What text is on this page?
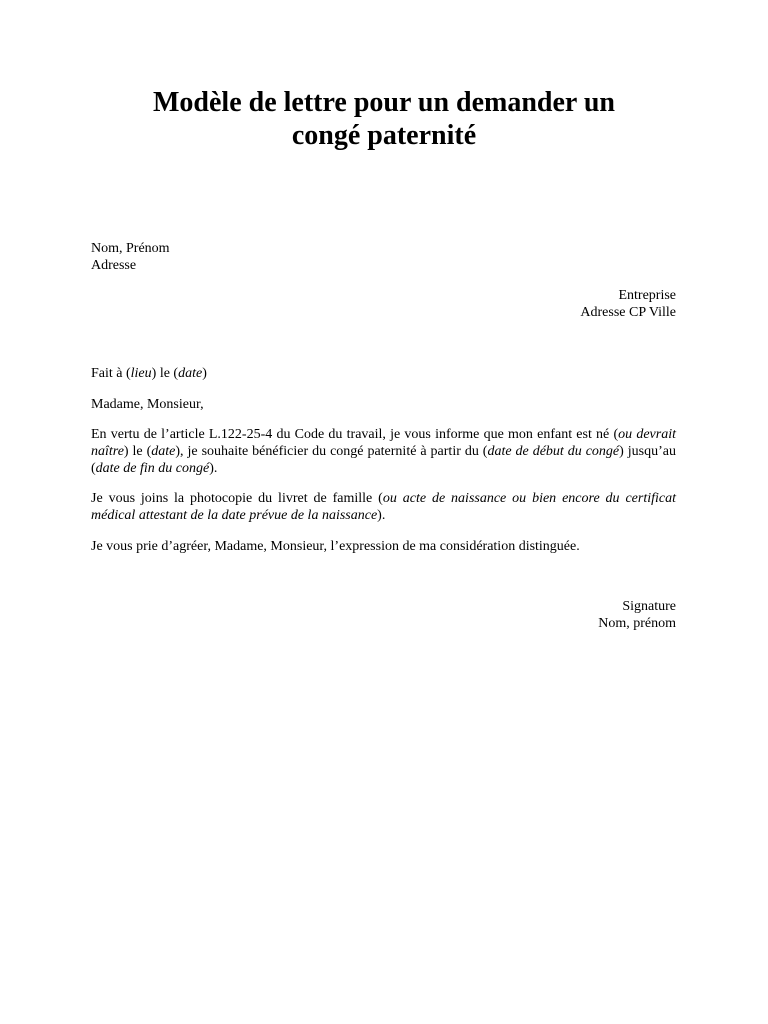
Modèle de lettre pour un demander un
congé paternité
Nom, Prénom
Adresse
Entreprise
Adresse CP Ville
Fait à (lieu) le (date)
Madame, Monsieur,
En vertu de l’article L.122-25-4 du Code du travail, je vous informe que mon enfant est né (ou devrait naître) le (date), je souhaite bénéficier du congé paternité à partir du (date de début du congé) jusqu’au (date de fin du congé).
Je vous joins la photocopie du livret de famille (ou acte de naissance ou bien encore du certificat médical attestant de la date prévue de la naissance).
Je vous prie d’agréer, Madame, Monsieur, l’expression de ma considération distinguée.
Signature
Nom, prénom
